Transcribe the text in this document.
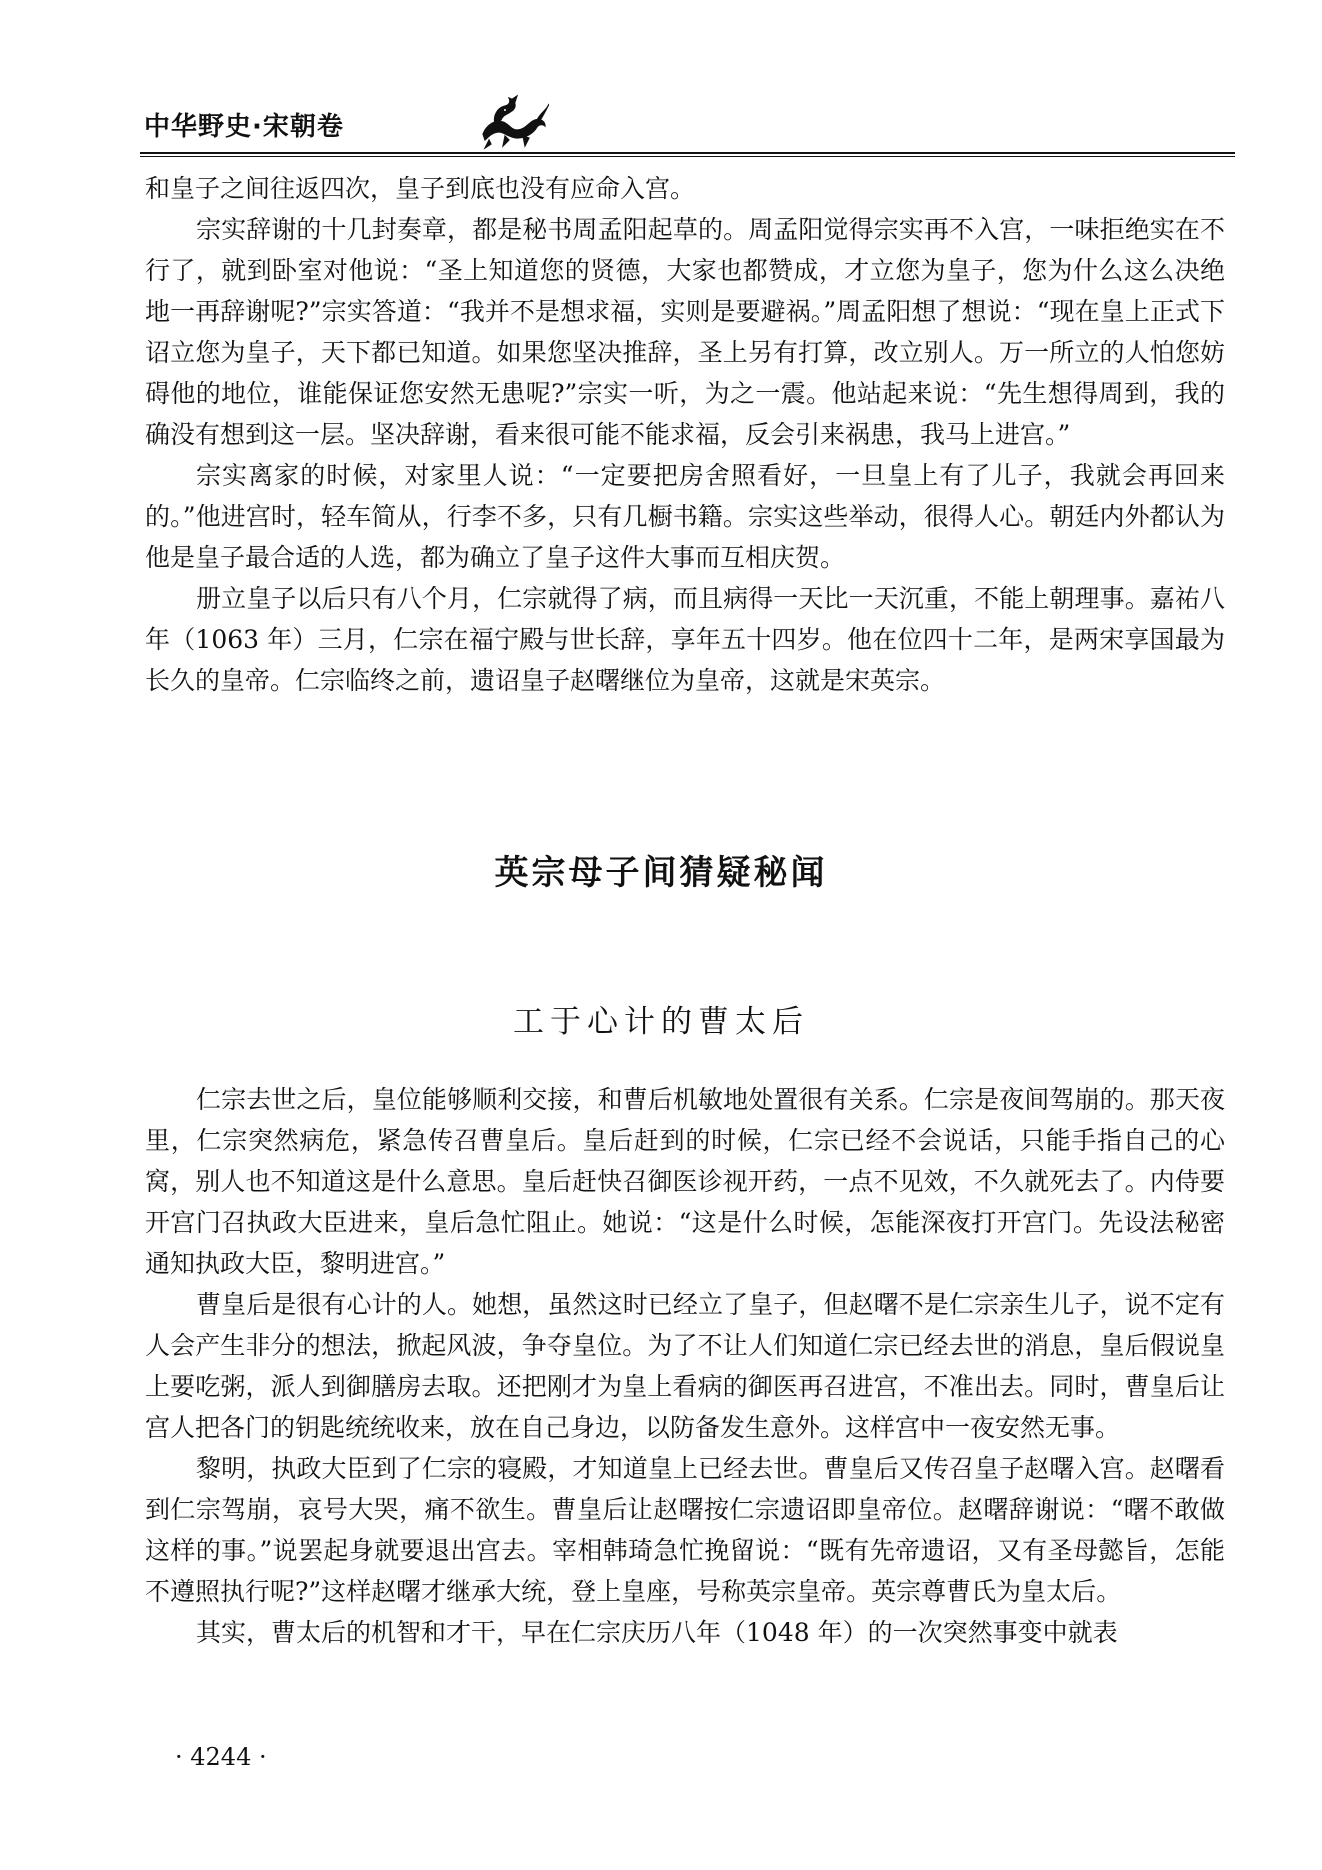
中华野史·宋朝卷

和皇子之间往返四次，皇子到底也没有应命入宫。

宗实辞谢的十几封奏章，都是秘书周孟阳起草的。周孟阳觉得宗实再不入宫，一味拒绝实在不行了，就到卧室对他说：“圣上知道您的贤德，大家也都赞成，才立您为皇子，您为什么这么决绝地一再辞谢呢?”宗实答道：“我并不是想求福，实则是要避祸。”周孟阳想了想说：“现在皇上正式下诏立您为皇子，天下都已知道。如果您坚决推辞，圣上另有打算，改立别人。万一所立的人怕您妨碍他的地位，谁能保证您安然无患呢?”宗实一听，为之一震。他站起来说：“先生想得周到，我的确没有想到这一层。坚决辞谢，看来很可能不能求福，反会引来祸患，我马上进宫。”

宗实离家的时候，对家里人说：“一定要把房舍照看好，一旦皇上有了儿子，我就会再回来的。”他进宫时，轻车简从，行李不多，只有几橱书籍。宗实这些举动，很得人心。朝廷内外都认为他是皇子最合适的人选，都为确立了皇子这件大事而互相庆贺。

册立皇子以后只有八个月，仁宗就得了病，而且病得一天比一天沉重，不能上朝理事。嘉祐八年（1063 年）三月，仁宗在福宁殿与世长辞，享年五十四岁。他在位四十二年，是两宋享国最为长久的皇帝。仁宗临终之前，遗诏皇子赵曙继位为皇帝，这就是宋英宗。

英宗母子间猜疑秘闻
工于心计的曹太后

仁宗去世之后，皇位能够顺利交接，和曹后机敏地处置很有关系。仁宗是夜间驾崩的。那天夜里，仁宗突然病危，紧急传召曹皇后。皇后赶到的时候，仁宗已经不会说话，只能手指自己的心窝，别人也不知道这是什么意思。皇后赶快召御医诊视开药，一点不见效，不久就死去了。内侍要开宫门召执政大臣进来，皇后急忙阻止。她说：“这是什么时候，怎能深夜打开宫门。先设法秘密通知执政大臣，黎明进宫。”

曹皇后是很有心计的人。她想，虽然这时已经立了皇子，但赵曙不是仁宗亲生儿子，说不定有人会产生非分的想法，掀起风波，争夺皇位。为了不让人们知道仁宗已经去世的消息，皇后假说皇上要吃粥，派人到御膳房去取。还把刚才为皇上看病的御医再召进宫，不准出去。同时，曹皇后让宫人把各门的钥匙统统收来，放在自己身边，以防备发生意外。这样宫中一夜安然无事。

黎明，执政大臣到了仁宗的寝殿，才知道皇上已经去世。曹皇后又传召皇子赵曙入宫。赵曙看到仁宗驾崩，哀号大哭，痛不欲生。曹皇后让赵曙按仁宗遗诏即皇帝位。赵曙辞谢说：“曙不敢做这样的事。”说罢起身就要退出宫去。宰相韩琦急忙挽留说：“既有先帝遗诏，又有圣母懿旨，怎能不遵照执行呢?”这样赵曙才继承大统，登上皇座，号称英宗皇帝。英宗尊曹氏为皇太后。

其实，曹太后的机智和才干，早在仁宗庆历八年（1048 年）的一次突然事变中就表

· 4244 ·
